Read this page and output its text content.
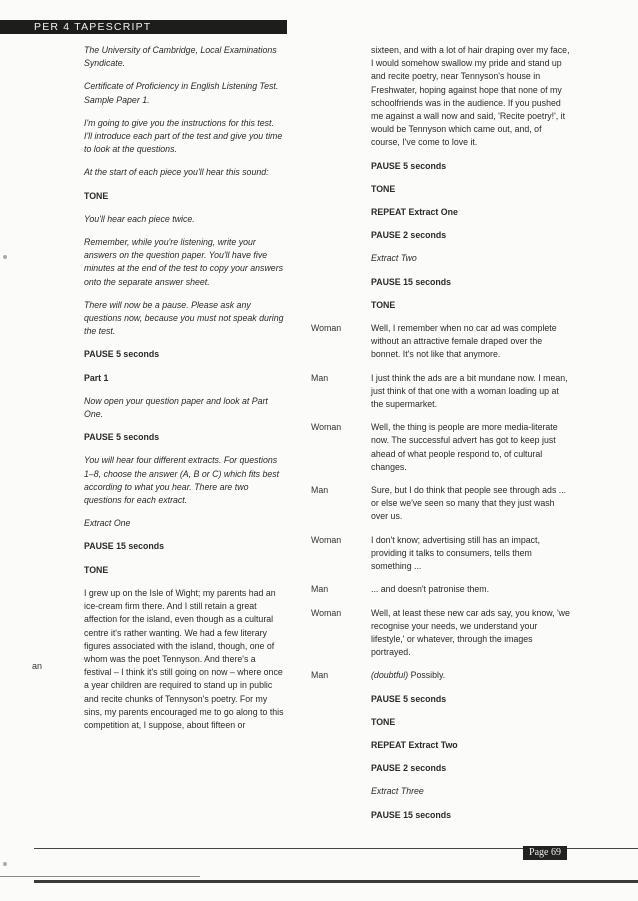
PER 4 TAPESCRIPT
The University of Cambridge, Local Examinations Syndicate.
Certificate of Proficiency in English Listening Test. Sample Paper 1.
I'm going to give you the instructions for this test. I'll introduce each part of the test and give you time to look at the questions.
At the start of each piece you'll hear this sound:
TONE
You'll hear each piece twice.
Remember, while you're listening, write your answers on the question paper. You'll have five minutes at the end of the test to copy your answers onto the separate answer sheet.
There will now be a pause. Please ask any questions now, because you must not speak during the test.
PAUSE 5 seconds
Part 1
Now open your question paper and look at Part One.
PAUSE 5 seconds
You will hear four different extracts. For questions 1–8, choose the answer (A, B or C) which fits best according to what you hear. There are two questions for each extract.
Extract One
PAUSE 15 seconds
TONE
I grew up on the Isle of Wight; my parents had an ice-cream firm there. And I still retain a great affection for the island, even though as a cultural centre it's rather wanting. We had a few literary figures associated with the island, though, one of whom was the poet Tennyson. And there's a festival – I think it's still going on now – where once a year children are required to stand up in public and recite chunks of Tennyson's poetry. For my sins, my parents encouraged me to go along to this competition at, I suppose, about fifteen or
sixteen, and with a lot of hair draping over my face, I would somehow swallow my pride and stand up and recite poetry, near Tennyson's house in Freshwater, hoping against hope that none of my schoolfriends was in the audience. If you pushed me against a wall now and said, 'Recite poetry!', it would be Tennyson which came out, and, of course, I've come to love it.
PAUSE 5 seconds
TONE
REPEAT Extract One
PAUSE 2 seconds
Extract Two
PAUSE 15 seconds
TONE
Woman	Well, I remember when no car ad was complete without an attractive female draped over the bonnet. It's not like that anymore.
Man	I just think the ads are a bit mundane now. I mean, just think of that one with a woman loading up at the supermarket.
Woman	Well, the thing is people are more media-literate now. The successful advert has got to keep just ahead of what people respond to, of cultural changes.
Man	Sure, but I do think that people see through ads ... or else we've seen so many that they just wash over us.
Woman	I don't know; advertising still has an impact, providing it talks to consumers, tells them something ...
Man	... and doesn't patronise them.
Woman	Well, at least these new car ads say, you know, 'we recognise your needs, we understand your lifestyle,' or whatever, through the images portrayed.
Man	(doubtful) Possibly.
PAUSE 5 seconds
TONE
REPEAT Extract Two
PAUSE 2 seconds
Extract Three
PAUSE 15 seconds
an
Page 69
